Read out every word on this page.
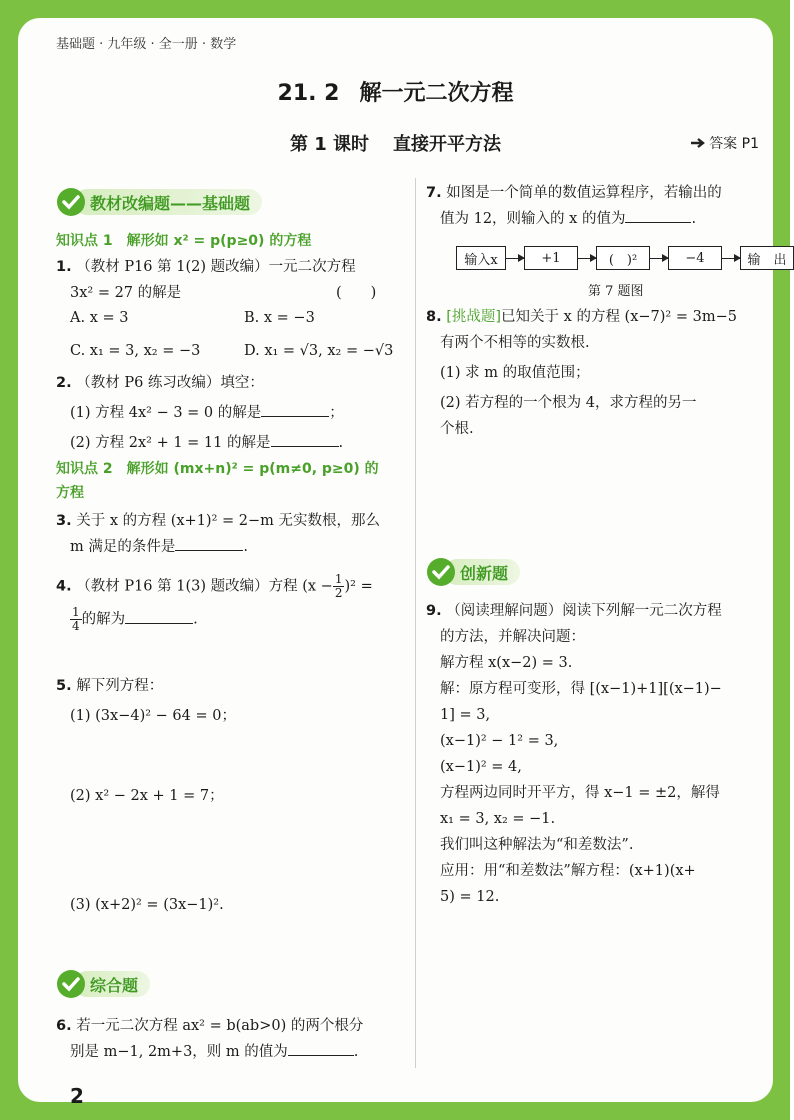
基础题 · 九年级 · 全一册 · 数学
21. 2 解一元二次方程
第 1 课时 直接开平方法	答案 P1
教材改编题——基础题
知识点 1　解形如 x² = p(p≥0) 的方程
1. （教材 P16 第 1(2) 题改编）一元二次方程
3x² = 27 的解是	(　　)
A. x = 3	B. x = −3
C. x₁ = 3, x₂ = −3	D. x₁ = √3, x₂ = −√3
2. （教材 P6 练习改编）填空：
(1) 方程 4x² − 3 = 0 的解是	；
(2) 方程 2x² + 1 = 11 的解是	.
知识点 2　解形如 (mx+n)² = p(m≠0, p≥0) 的
方程
3. 关于 x 的方程 (x+1)² = 2−m 无实数根，那么
m 满足的条件是	.
4. （教材 P16 第 1(3) 题改编）方程 $(x - \frac{1}{2} )^2$ =
$\frac{1}{4}$ 的解为	.
5. 解下列方程：
(1) (3x−4)² − 64 = 0；
(2) x² − 2x + 1 = 7；
(3) (x+2)² = (3x−1)².
综合题
6. 若一元二次方程 ax² = b(ab>0) 的两个根分
别是 m−1, 2m+3，则 m 的值为	.
7. 如图是一个简单的数值运算程序，若输出的
值为 12，则输入的 x 的值为	.
输入x	+1	(　)²	−4	输　出
第 7 题图
8. [挑战题]已知关于 x 的方程 (x−7)² = 3m−5
有两个不相等的实数根.
(1) 求 m 的取值范围；
(2) 若方程的一个根为 4，求方程的另一
个根.
创新题
9. （阅读理解问题）阅读下列解一元二次方程
的方法，并解决问题：
解方程 x(x−2) = 3.
解：原方程可变形，得 [(x−1)+1][(x−1)−
1] = 3,
(x−1)² − 1² = 3,
(x−1)² = 4,
方程两边同时开平方，得 x−1 = ±2，解得
x₁ = 3, x₂ = −1.
我们叫这种解法为“和差数法”.
应用：用“和差数法”解方程：(x+1)(x+
5) = 12.
2
